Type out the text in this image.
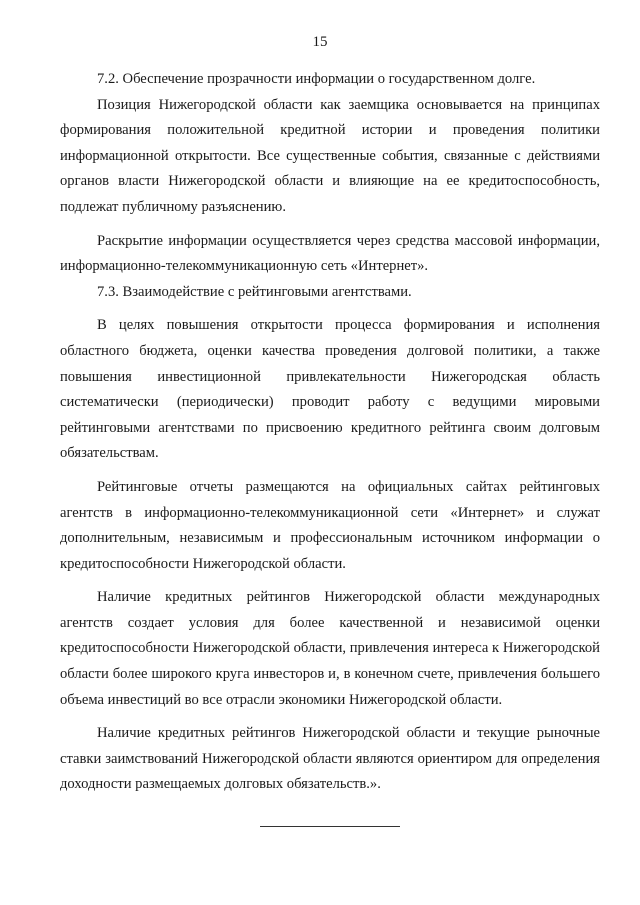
15

7.2. Обеспечение прозрачности информации о государственном долге.

Позиция Нижегородской области как заемщика основывается на принципах формирования положительной кредитной истории и проведения политики информационной открытости. Все существенные события, связанные с действиями органов власти Нижегородской области и влияющие на ее кредитоспособность, подлежат публичному разъяснению.

Раскрытие информации осуществляется через средства массовой информации, информационно-телекоммуникационную сеть «Интернет».

7.3. Взаимодействие с рейтинговыми агентствами.

В целях повышения открытости процесса формирования и исполнения областного бюджета, оценки качества проведения долговой политики, а также повышения инвестиционной привлекательности Нижегородская область систематически (периодически) проводит работу с ведущими мировыми рейтинговыми агентствами по присвоению кредитного рейтинга своим долговым обязательствам.

Рейтинговые отчеты размещаются на официальных сайтах рейтинговых агентств в информационно-телекоммуникационной сети «Интернет» и служат дополнительным, независимым и профессиональным источником информации о кредитоспособности Нижегородской области.

Наличие кредитных рейтингов Нижегородской области международных агентств создает условия для более качественной и независимой оценки кредитоспособности Нижегородской области, привлечения интереса к Нижегородской области более широкого круга инвесторов и, в конечном счете, привлечения большего объема инвестиций во все отрасли экономики Нижегородской области.

Наличие кредитных рейтингов Нижегородской области и текущие рыночные ставки заимствований Нижегородской области являются ориентиром для определения доходности размещаемых долговых обязательств.».
